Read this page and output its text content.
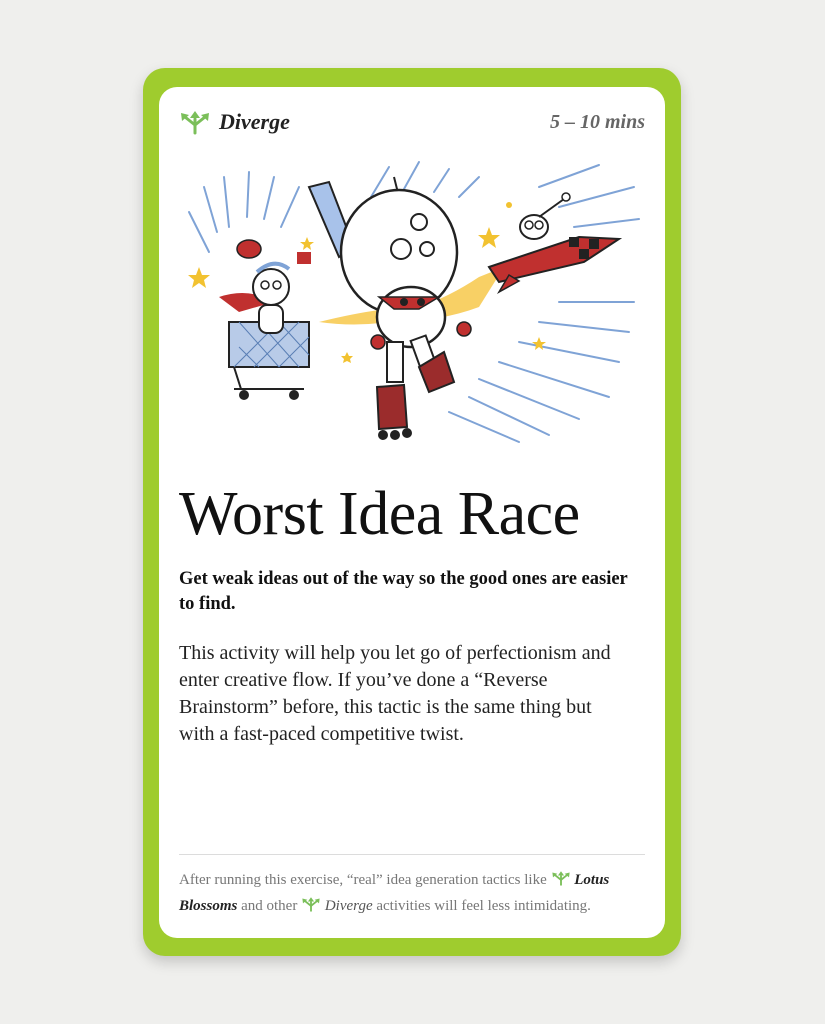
Diverge	5 – 10 mins
Worst Idea Race

Get weak ideas out of the way so the good ones are easier to find.

This activity will help you let go of perfectionism and enter creative flow. If you’ve done a “Reverse Brainstorm” before, this tactic is the same thing but with a fast-paced competitive twist.

After running this exercise, “real” idea generation tactics like Lotus Blossoms and other Diverge activities will feel less intimidating.
